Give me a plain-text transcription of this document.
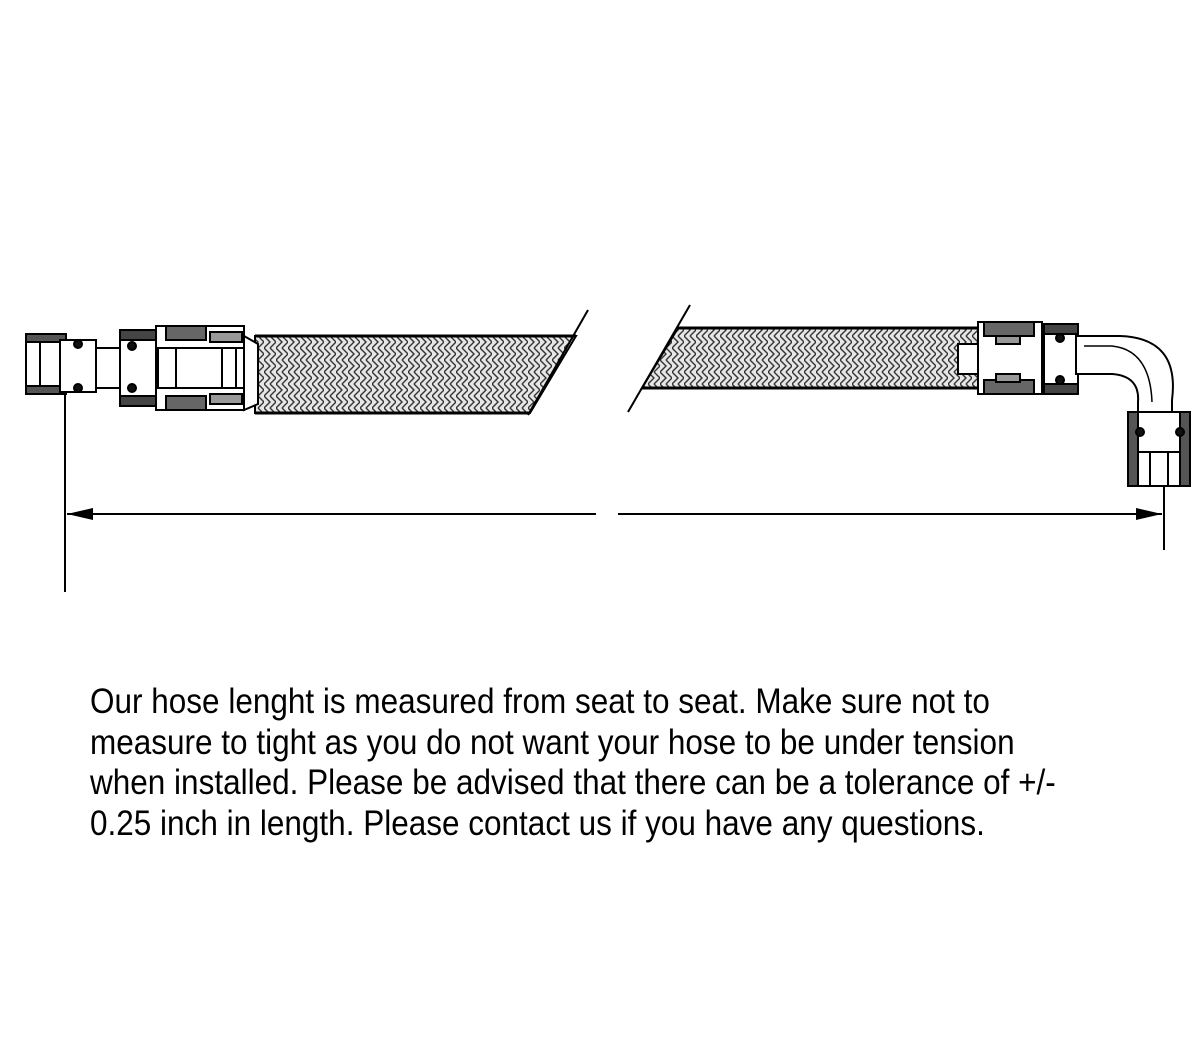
Our hose lenght is measured from seat to seat. Make sure not to
measure to tight as you do not want your hose to be under tension
when installed. Please be advised that there can be a tolerance of +/-
0.25 inch in length. Please contact us if you have any questions.
